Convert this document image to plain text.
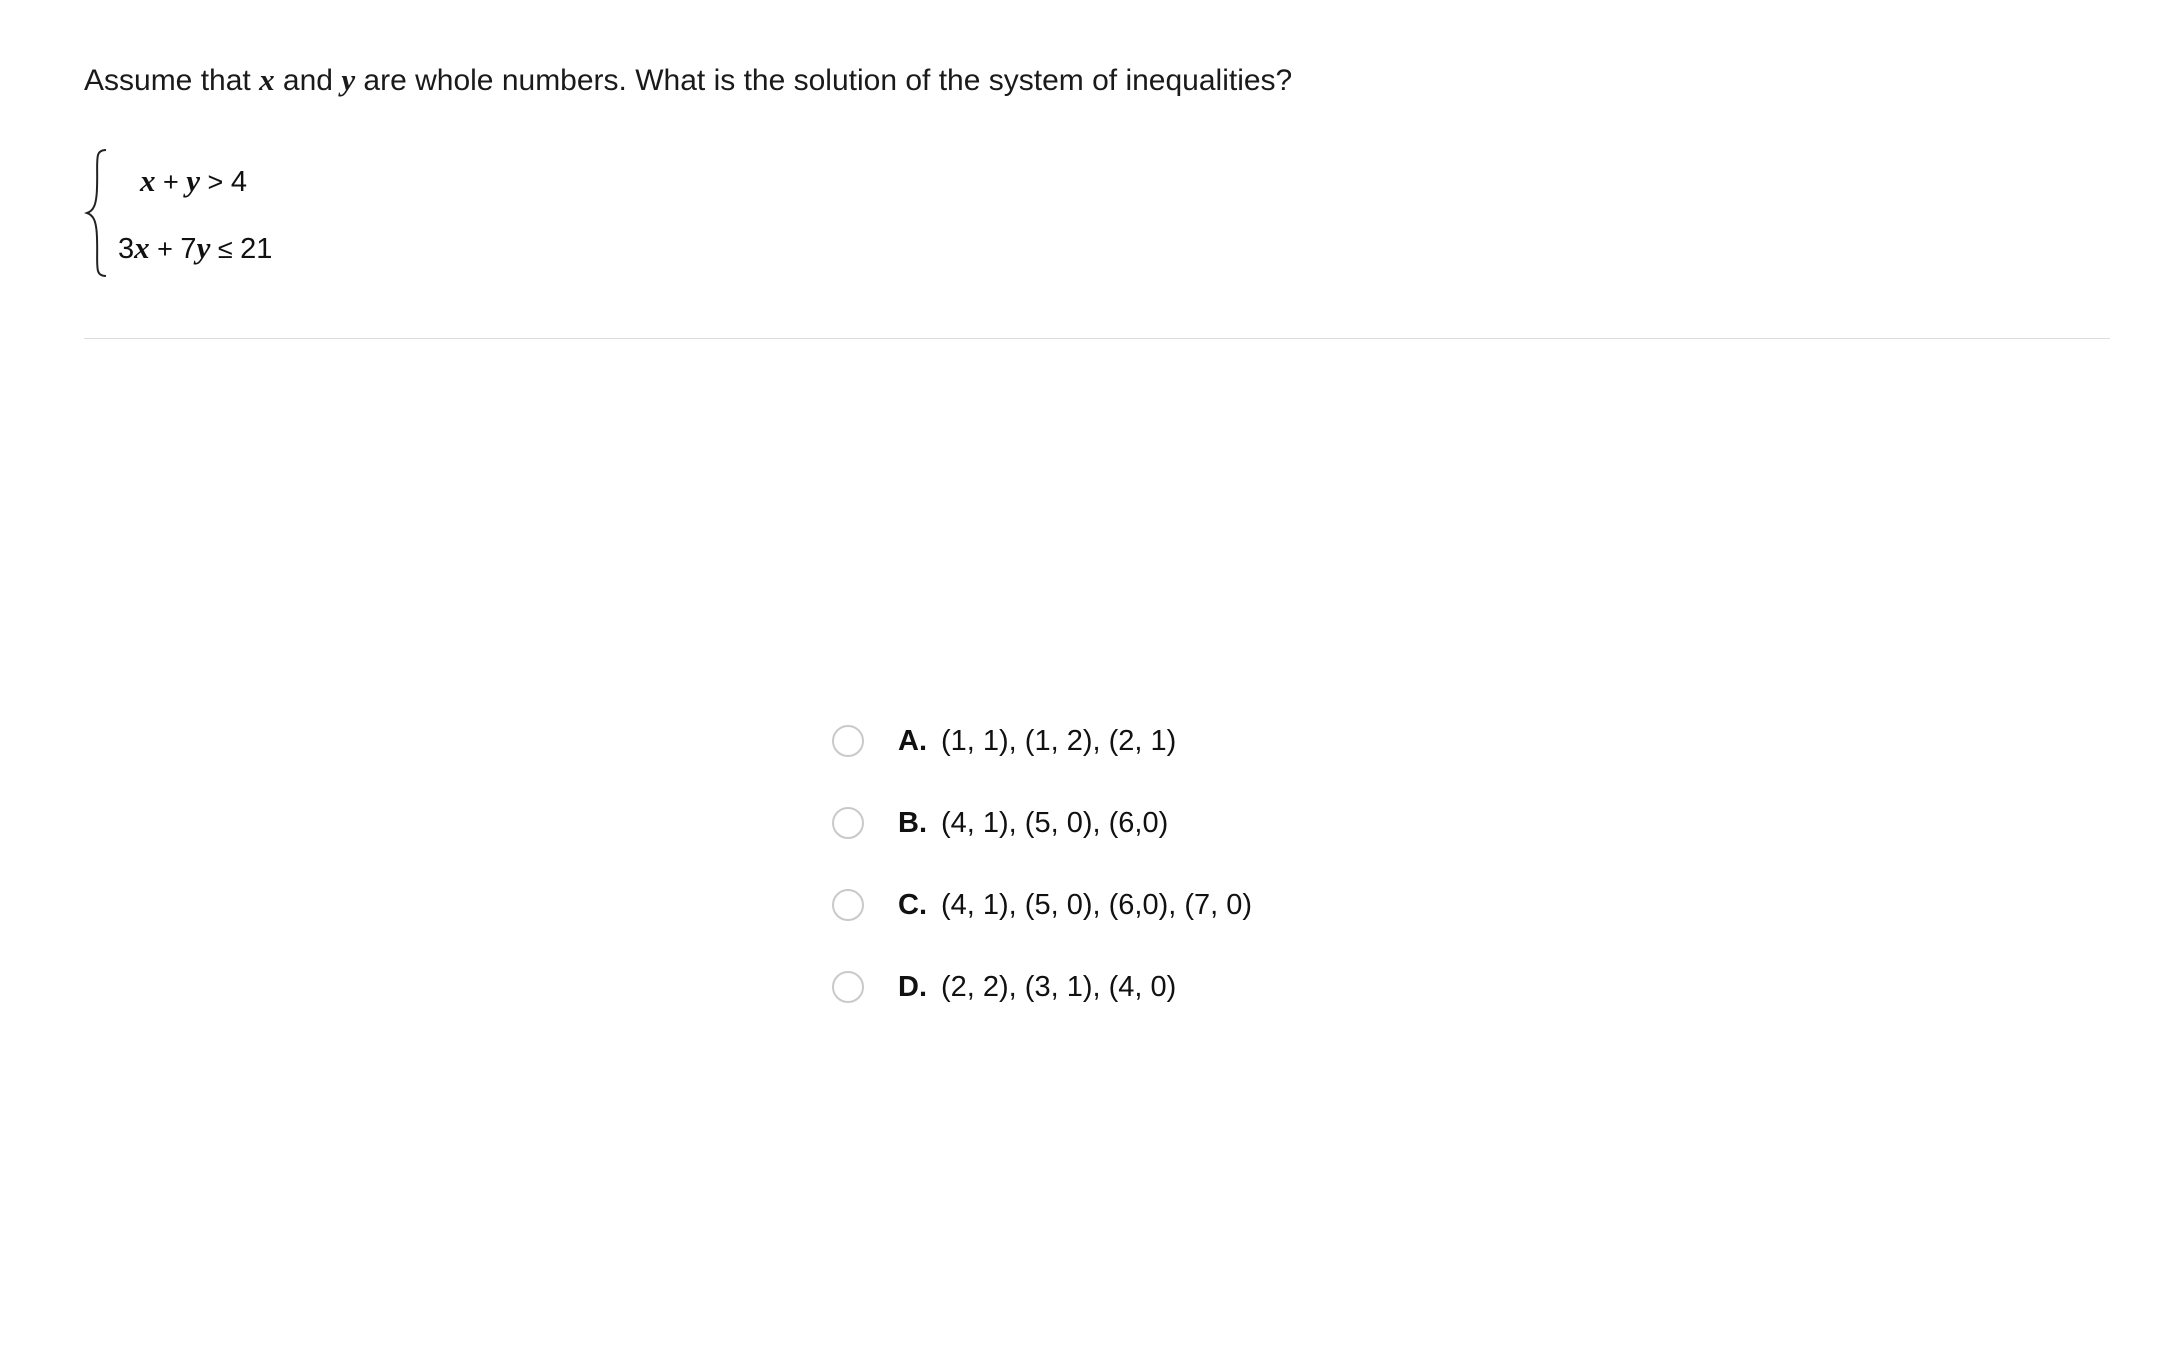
Assume that x and y are whole numbers. What is the solution of the system of inequalities?
x + y > 4
3x + 7y ≤ 21
A. (1, 1), (1, 2), (2, 1)
B. (4, 1), (5, 0), (6,0)
C. (4, 1), (5, 0), (6,0), (7, 0)
D. (2, 2), (3, 1), (4, 0)
